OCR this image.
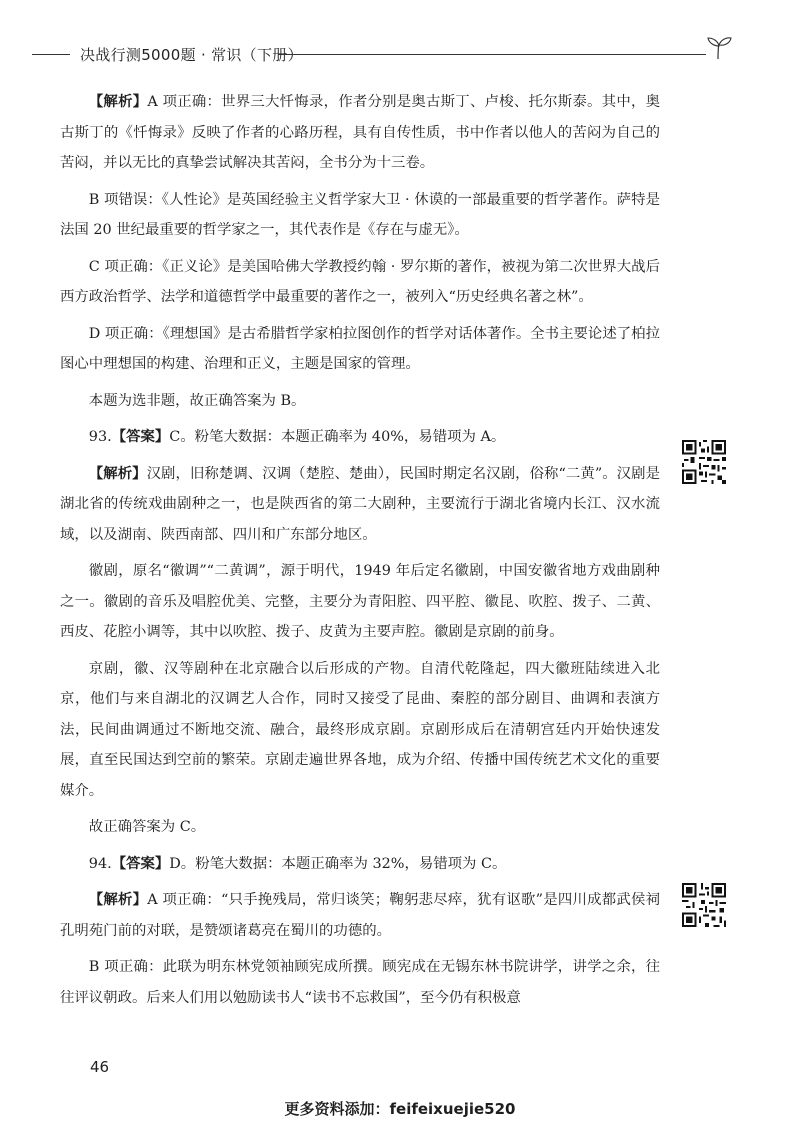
决战行测5000题 · 常识（下册）

【解析】A 项正确：世界三大忏悔录，作者分别是奥古斯丁、卢梭、托尔斯泰。其中，奥古斯丁的《忏悔录》反映了作者的心路历程，具有自传性质，书中作者以他人的苦闷为自己的苦闷，并以无比的真挚尝试解决其苦闷，全书分为十三卷。

B 项错误：《人性论》是英国经验主义哲学家大卫 · 休谟的一部最重要的哲学著作。萨特是法国 20 世纪最重要的哲学家之一，其代表作是《存在与虚无》。

C 项正确：《正义论》是美国哈佛大学教授约翰 · 罗尔斯的著作，被视为第二次世界大战后西方政治哲学、法学和道德哲学中最重要的著作之一，被列入“历史经典名著之林”。

D 项正确：《理想国》是古希腊哲学家柏拉图创作的哲学对话体著作。全书主要论述了柏拉图心中理想国的构建、治理和正义，主题是国家的管理。

本题为选非题，故正确答案为 B。

93.【答案】C。粉笔大数据：本题正确率为 40%，易错项为 A。

【解析】汉剧，旧称楚调、汉调（楚腔、楚曲），民国时期定名汉剧，俗称“二黄”。汉剧是湖北省的传统戏曲剧种之一，也是陕西省的第二大剧种，主要流行于湖北省境内长江、汉水流域，以及湖南、陕西南部、四川和广东部分地区。

徽剧，原名“徽调”“二黄调”，源于明代，1949 年后定名徽剧，中国安徽省地方戏曲剧种之一。徽剧的音乐及唱腔优美、完整，主要分为青阳腔、四平腔、徽昆、吹腔、拨子、二黄、西皮、花腔小调等，其中以吹腔、拨子、皮黄为主要声腔。徽剧是京剧的前身。

京剧，徽、汉等剧种在北京融合以后形成的产物。自清代乾隆起，四大徽班陆续进入北京，他们与来自湖北的汉调艺人合作，同时又接受了昆曲、秦腔的部分剧目、曲调和表演方法，民间曲调通过不断地交流、融合，最终形成京剧。京剧形成后在清朝宫廷内开始快速发展，直至民国达到空前的繁荣。京剧走遍世界各地，成为介绍、传播中国传统艺术文化的重要媒介。

故正确答案为 C。

94.【答案】D。粉笔大数据：本题正确率为 32%，易错项为 C。

【解析】A 项正确：“只手挽残局，常归谈笑；鞠躬悲尽瘁，犹有讴歌”是四川成都武侯祠孔明苑门前的对联，是赞颂诸葛亮在蜀川的功德的。

B 项正确：此联为明东林党领袖顾宪成所撰。顾宪成在无锡东林书院讲学，讲学之余，往往评议朝政。后来人们用以勉励读书人“读书不忘救国”，至今仍有积极意

46
更多资料添加：feifeixuejie520
